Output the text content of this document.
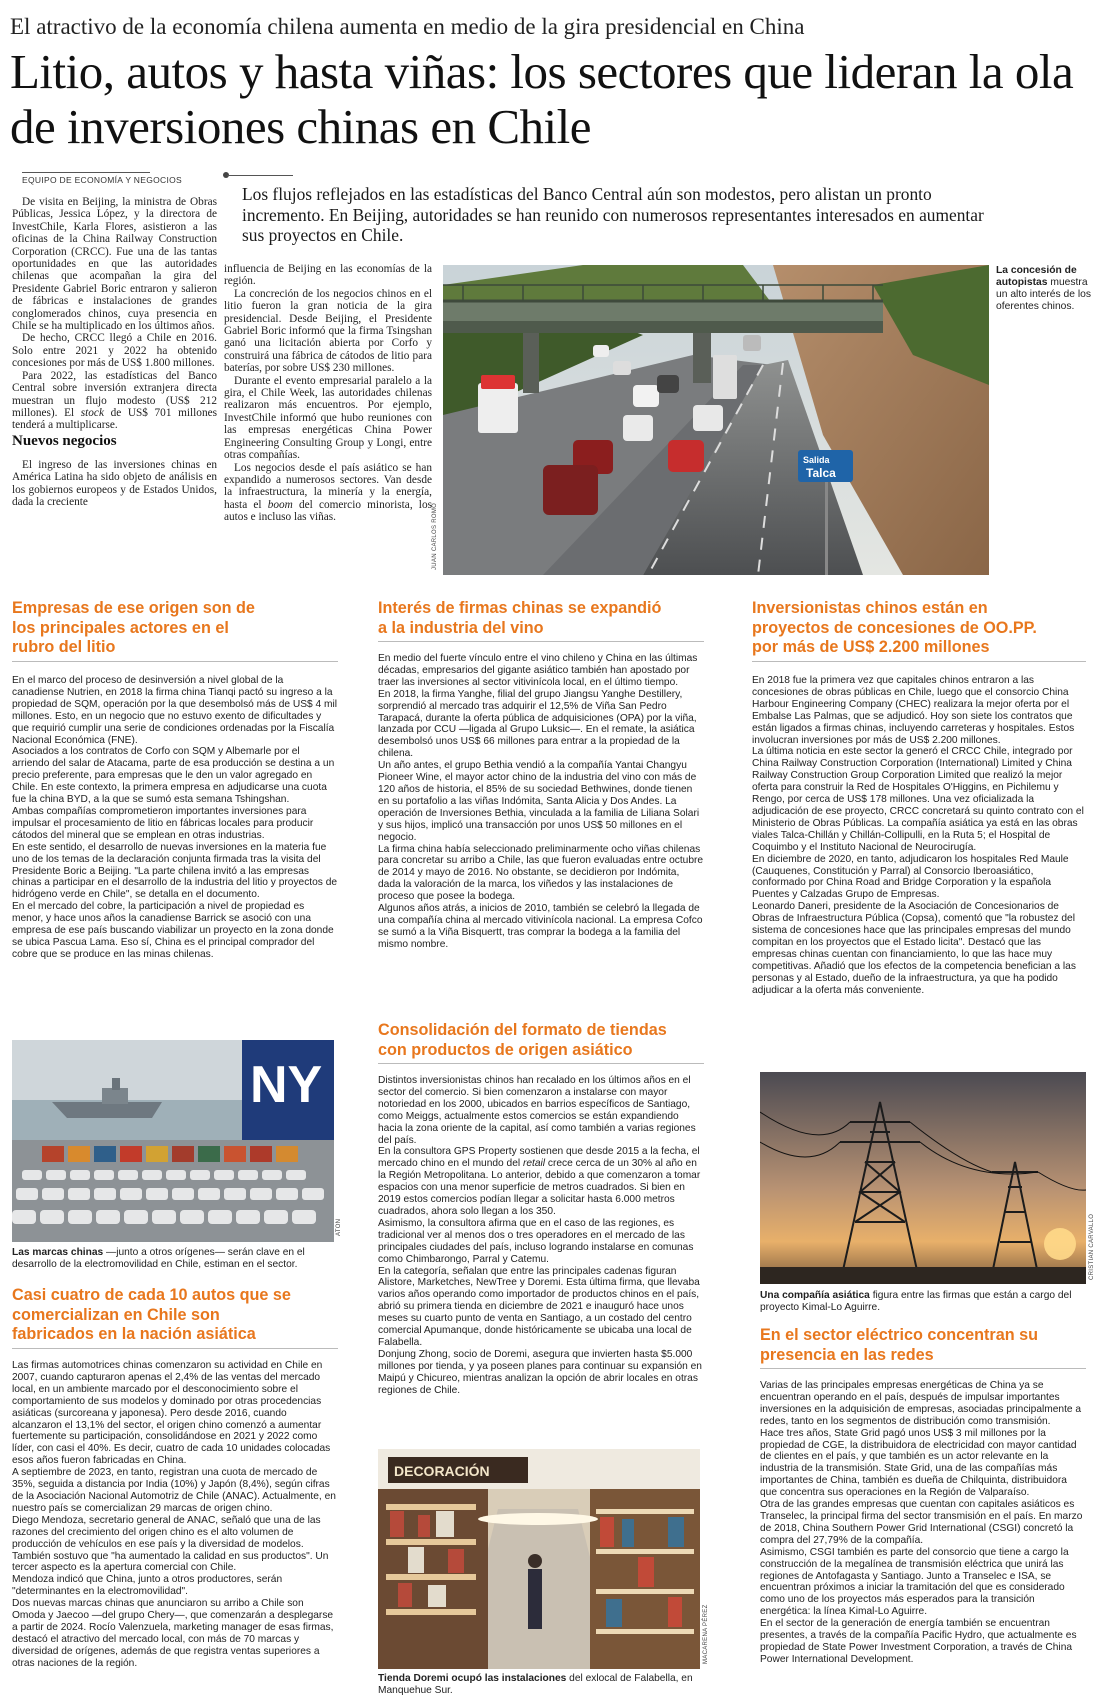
El atractivo de la economía chilena aumenta en medio de la gira presidencial en China
Litio, autos y hasta viñas: los sectores que lideran la ola de inversiones chinas en Chile
EQUIPO DE ECONOMÍA Y NEGOCIOS
Los flujos reflejados en las estadísticas del Banco Central aún son modestos, pero alistan un pronto incremento. En Beijing, autoridades se han reunido con numerosos representantes interesados en aumentar sus proyectos en Chile.

De visita en Beijing, la ministra de Obras Públicas, Jessica López, y la directora de InvestChile, Karla Flores, asistieron a las oficinas de la China Railway Construction Corporation (CRCC). Fue una de las tantas oportunidades en que las autoridades chilenas que acompañan la gira del Presidente Gabriel Boric entraron y salieron de fábricas e instalaciones de grandes conglomerados chinos, cuya presencia en Chile se ha multiplicado en los últimos años.

De hecho, CRCC llegó a Chile en 2016. Solo entre 2021 y 2022 ha obtenido concesiones por más de US$ 1.800 millones.

Para 2022, las estadísticas del Banco Central sobre inversión extranjera directa muestran un flujo modesto (US$ 212 millones). El stock de US$ 701 millones tenderá a multiplicarse.

Nuevos negocios

El ingreso de las inversiones chinas en América Latina ha sido objeto de análisis en los gobiernos europeos y de Estados Unidos, dada la creciente

influencia de Beijing en las economías de la región.

La concreción de los negocios chinos en el litio fueron la gran noticia de la gira presidencial. Desde Beijing, el Presidente Gabriel Boric informó que la firma Tsingshan ganó una licitación abierta por Corfo y construirá una fábrica de cátodos de litio para baterías, por sobre US$ 230 millones.

Durante el evento empresarial paralelo a la gira, el Chile Week, las autoridades chilenas realizaron más encuentros. Por ejemplo, InvestChile informó que hubo reuniones con las empresas energéticas China Power Engineering Consulting Group y Longi, entre otras compañías.

Los negocios desde el país asiático se han expandido a numerosos sectores. Van desde la infraestructura, la minería y la energía, hasta el boom del comercio minorista, los autos e incluso las viñas.

Salida
Talca
JUAN CARLOS ROMO
La concesión de autopistas muestra un alto interés de los oferentes chinos.
Empresas de ese origen son de los principales actores en el rubro del litio

En el marco del proceso de desinversión a nivel global de la canadiense Nutrien, en 2018 la firma china Tianqi pactó su ingreso a la propiedad de SQM, operación por la que desembolsó más de US$ 4 mil millones. Esto, en un negocio que no estuvo exento de dificultades y que requirió cumplir una serie de condiciones ordenadas por la Fiscalía Nacional Económica (FNE).

Asociados a los contratos de Corfo con SQM y Albemarle por el arriendo del salar de Atacama, parte de esa producción se destina a un precio preferente, para empresas que le den un valor agregado en Chile. En este contexto, la primera empresa en adjudicarse una cuota fue la china BYD, a la que se sumó esta semana Tshingshan.

Ambas compañías comprometieron importantes inversiones para impulsar el procesamiento de litio en fábricas locales para producir cátodos del mineral que se emplean en otras industrias.

En este sentido, el desarrollo de nuevas inversiones en la materia fue uno de los temas de la declaración conjunta firmada tras la visita del Presidente Boric a Beijing. "La parte chilena invitó a las empresas chinas a participar en el desarrollo de la industria del litio y proyectos de hidrógeno verde en Chile", se detalla en el documento.

En el mercado del cobre, la participación a nivel de propiedad es menor, y hace unos años la canadiense Barrick se asoció con una empresa de ese país buscando viabilizar un proyecto en la zona donde se ubica Pascua Lama. Eso sí, China es el principal comprador del cobre que se produce en las minas chilenas.

Interés de firmas chinas se expandió a la industria del vino

En medio del fuerte vínculo entre el vino chileno y China en las últimas décadas, empresarios del gigante asiático también han apostado por traer las inversiones al sector vitivinícola local, en el último tiempo.

En 2018, la firma Yanghe, filial del grupo Jiangsu Yanghe Destillery, sorprendió al mercado tras adquirir el 12,5% de Viña San Pedro Tarapacá, durante la oferta pública de adquisiciones (OPA) por la viña, lanzada por CCU —ligada al Grupo Luksic—. En el remate, la asiática desembolsó unos US$ 66 millones para entrar a la propiedad de la chilena.

Un año antes, el grupo Bethia vendió a la compañía Yantai Changyu Pioneer Wine, el mayor actor chino de la industria del vino con más de 120 años de historia, el 85% de su sociedad Bethwines, donde tienen en su portafolio a las viñas Indómita, Santa Alicia y Dos Andes. La operación de Inversiones Bethia, vinculada a la familia de Liliana Solari y sus hijos, implicó una transacción por unos US$ 50 millones en el negocio.

La firma china había seleccionado preliminarmente ocho viñas chilenas para concretar su arribo a Chile, las que fueron evaluadas entre octubre de 2014 y mayo de 2016. No obstante, se decidieron por Indómita, dada la valoración de la marca, los viñedos y las instalaciones de proceso que posee la bodega.

Algunos años atrás, a inicios de 2010, también se celebró la llegada de una compañía china al mercado vitivinícola nacional. La empresa Cofco se sumó a la Viña Bisquertt, tras comprar la bodega a la familia del mismo nombre.

Inversionistas chinos están en proyectos de concesiones de OO.PP. por más de US$ 2.200 millones

En 2018 fue la primera vez que capitales chinos entraron a las concesiones de obras públicas en Chile, luego que el consorcio China Harbour Engineering Company (CHEC) realizara la mejor oferta por el Embalse Las Palmas, que se adjudicó. Hoy son siete los contratos que están ligados a firmas chinas, incluyendo carreteras y hospitales. Estos involucran inversiones por más de US$ 2.200 millones.

La última noticia en este sector la generó el CRCC Chile, integrado por China Railway Construction Corporation (International) Limited y China Railway Construction Group Corporation Limited que realizó la mejor oferta para construir la Red de Hospitales O'Higgins, en Pichilemu y Rengo, por cerca de US$ 178 millones. Una vez oficializada la adjudicación de ese proyecto, CRCC concretará su quinto contrato con el Ministerio de Obras Públicas. La compañía asiática ya está en las obras viales Talca-Chillán y Chillán-Collipulli, en la Ruta 5; el Hospital de Coquimbo y el Instituto Nacional de Neurocirugía.

En diciembre de 2020, en tanto, adjudicaron los hospitales Red Maule (Cauquenes, Constitución y Parral) al Consorcio Iberoasiático, conformado por China Road and Bridge Corporation y la española Puentes y Calzadas Grupo de Empresas.

Leonardo Daneri, presidente de la Asociación de Concesionarios de Obras de Infraestructura Pública (Copsa), comentó que "la robustez del sistema de concesiones hace que las principales empresas del mundo compitan en los proyectos que el Estado licita". Destacó que las empresas chinas cuentan con financiamiento, lo que las hace muy competitivas. Añadió que los efectos de la competencia benefician a las personas y al Estado, dueño de la infraestructura, ya que ha podido adjudicar a la oferta más conveniente.

NY
ATON
Las marcas chinas —junto a otros orígenes— serán clave en el desarrollo de la electromovilidad en Chile, estiman en el sector.
Casi cuatro de cada 10 autos que se comercializan en Chile son fabricados en la nación asiática

Las firmas automotrices chinas comenzaron su actividad en Chile en 2007, cuando capturaron apenas el 2,4% de las ventas del mercado local, en un ambiente marcado por el desconocimiento sobre el comportamiento de sus modelos y dominado por otras procedencias asiáticas (surcoreana y japonesa). Pero desde 2016, cuando alcanzaron el 13,1% del sector, el origen chino comenzó a aumentar fuertemente su participación, consolidándose en 2021 y 2022 como líder, con casi el 40%. Es decir, cuatro de cada 10 unidades colocadas esos años fueron fabricadas en China.

A septiembre de 2023, en tanto, registran una cuota de mercado de 35%, seguida a distancia por India (10%) y Japón (8,4%), según cifras de la Asociación Nacional Automotriz de Chile (ANAC). Actualmente, en nuestro país se comercializan 29 marcas de origen chino.

Diego Mendoza, secretario general de ANAC, señaló que una de las razones del crecimiento del origen chino es el alto volumen de producción de vehículos en ese país y la diversidad de modelos. También sostuvo que "ha aumentado la calidad en sus productos". Un tercer aspecto es la apertura comercial con Chile.

Mendoza indicó que China, junto a otros productores, serán "determinantes en la electromovilidad".

Dos nuevas marcas chinas que anunciaron su arribo a Chile son Omoda y Jaecoo —del grupo Chery—, que comenzarán a desplegarse a partir de 2024. Rocío Valenzuela, marketing manager de esas firmas, destacó el atractivo del mercado local, con más de 70 marcas y diversidad de orígenes, además de que registra ventas superiores a otras naciones de la región.

Consolidación del formato de tiendas con productos de origen asiático

Distintos inversionistas chinos han recalado en los últimos años en el sector del comercio. Si bien comenzaron a instalarse con mayor notoriedad en los 2000, ubicados en barrios específicos de Santiago, como Meiggs, actualmente estos comercios se están expandiendo hacia la zona oriente de la capital, así como también a varias regiones del país.

En la consultora GPS Property sostienen que desde 2015 a la fecha, el mercado chino en el mundo del retail crece cerca de un 30% al año en la Región Metropolitana. Lo anterior, debido a que comenzaron a tomar espacios con una menor superficie de metros cuadrados. Si bien en 2019 estos comercios podían llegar a solicitar hasta 6.000 metros cuadrados, ahora solo llegan a los 350.

Asimismo, la consultora afirma que en el caso de las regiones, es tradicional ver al menos dos o tres operadores en el mercado de las principales ciudades del país, incluso logrando instalarse en comunas como Chimbarongo, Parral y Catemu.

En la categoría, señalan que entre las principales cadenas figuran Alistore, Marketches, NewTree y Doremi. Esta última firma, que llevaba varios años operando como importador de productos chinos en el país, abrió su primera tienda en diciembre de 2021 e inauguró hace unos meses su cuarto punto de venta en Santiago, a un costado del centro comercial Apumanque, donde históricamente se ubicaba una local de Falabella.

Donjung Zhong, socio de Doremi, asegura que invierten hasta $5.000 millones por tienda, y ya poseen planes para continuar su expansión en Maipú y Chicureo, mientras analizan la opción de abrir locales en otras regiones de Chile.

DECORACIÓN
MACARENA PÉREZ
Tienda Doremi ocupó las instalaciones del exlocal de Falabella, en Manquehue Sur.
CRISTIAN CARVALLO
Una compañía asiática figura entre las firmas que están a cargo del proyecto Kimal-Lo Aguirre.
En el sector eléctrico concentran su presencia en las redes

Varias de las principales empresas energéticas de China ya se encuentran operando en el país, después de impulsar importantes inversiones en la adquisición de empresas, asociadas principalmente a redes, tanto en los segmentos de distribución como transmisión.

Hace tres años, State Grid pagó unos US$ 3 mil millones por la propiedad de CGE, la distribuidora de electricidad con mayor cantidad de clientes en el país, y que también es un actor relevante en la industria de la transmisión. State Grid, una de las compañías más importantes de China, también es dueña de Chilquinta, distribuidora que concentra sus operaciones en la Región de Valparaíso.

Otra de las grandes empresas que cuentan con capitales asiáticos es Transelec, la principal firma del sector transmisión en el país. En marzo de 2018, China Southern Power Grid International (CSGI) concretó la compra del 27,79% de la compañía.

Asimismo, CSGI también es parte del consorcio que tiene a cargo la construcción de la megalínea de transmisión eléctrica que unirá las regiones de Antofagasta y Santiago. Junto a Transelec e ISA, se encuentran próximos a iniciar la tramitación del que es considerado como uno de los proyectos más esperados para la transición energética: la línea Kimal-Lo Aguirre.

En el sector de la generación de energía también se encuentran presentes, a través de la compañía Pacific Hydro, que actualmente es propiedad de State Power Investment Corporation, a través de China Power International Development.
